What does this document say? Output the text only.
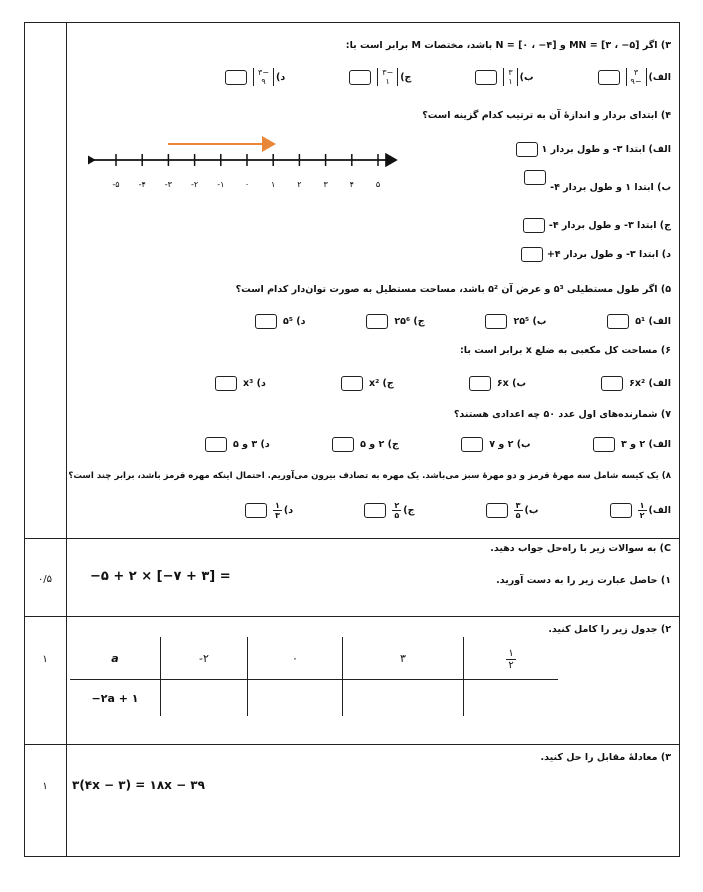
۳) اگر MN = [۳ ، −۵] و N = [۰ ، −۴] باشد، مختصات M برابر است با:
الف)
۳
−۹
ب)
۳
۱
ج)
−۳
۱
د)
−۳
۹
۴) ابتدای بردار و اندازهٔ آن به ترتیب کدام گزینه است؟
الف) ابتدا ۳- و طول بردار ۱
ب) ابتدا ۱ و طول بردار ۴-
ج) ابتدا ۳- و طول بردار ۴-
د) ابتدا ۳- و طول بردار ۴+
-۵ -۴ -۳ -۲ -۱	۰	۱	۲	۳	۴	۵
۵) اگر طول مستطیلی ۵³ و عرض آن ۵² باشد، مساحت مستطیل به صورت توان‌دار کدام است؟
الف) ۵¹
ب) ۲۵⁵
ج) ۲۵⁶
د) ۵⁵
۶) مساحت کل مکعبی به ضلع x برابر است با:
الف) ۶x²
ب) ۶x
ج) x²
د) x³
۷) شمارنده‌های اول عدد ۵۰ چه اعدادی هستند؟
الف) ۲ و ۳
ب) ۲ و ۷
ج) ۲ و ۵
د) ۳ و ۵
۸) یک کیسه شامل سه مهرهٔ قرمز و دو مهرهٔ سبز می‌باشد. یک مهره به تصادف بیرون می‌آوریم. احتمال اینکه مهره قرمز باشد، برابر چند است؟
الف)
$\frac{۱}{۲}$
ب)
$\frac{۳}{۵}$
ج)
$\frac{۲}{۵}$
د)
$\frac{۱}{۳}$
C) به سوالات زیر با راه‌حل جواب دهید.
۱) حاصل عبارت زیر را به دست آورید.
−۵ + ۲ × [−۷ + ۳] =
۰/۵
۲) جدول زیر را کامل کنید.
۱	a	-۲	۰	۳	$\frac{۱}{۲}$

−۲a + ۱				
۳) معادلهٔ مقابل را حل کنید.
۳(۴x − ۳) = ۱۸x − ۳۹
۱
